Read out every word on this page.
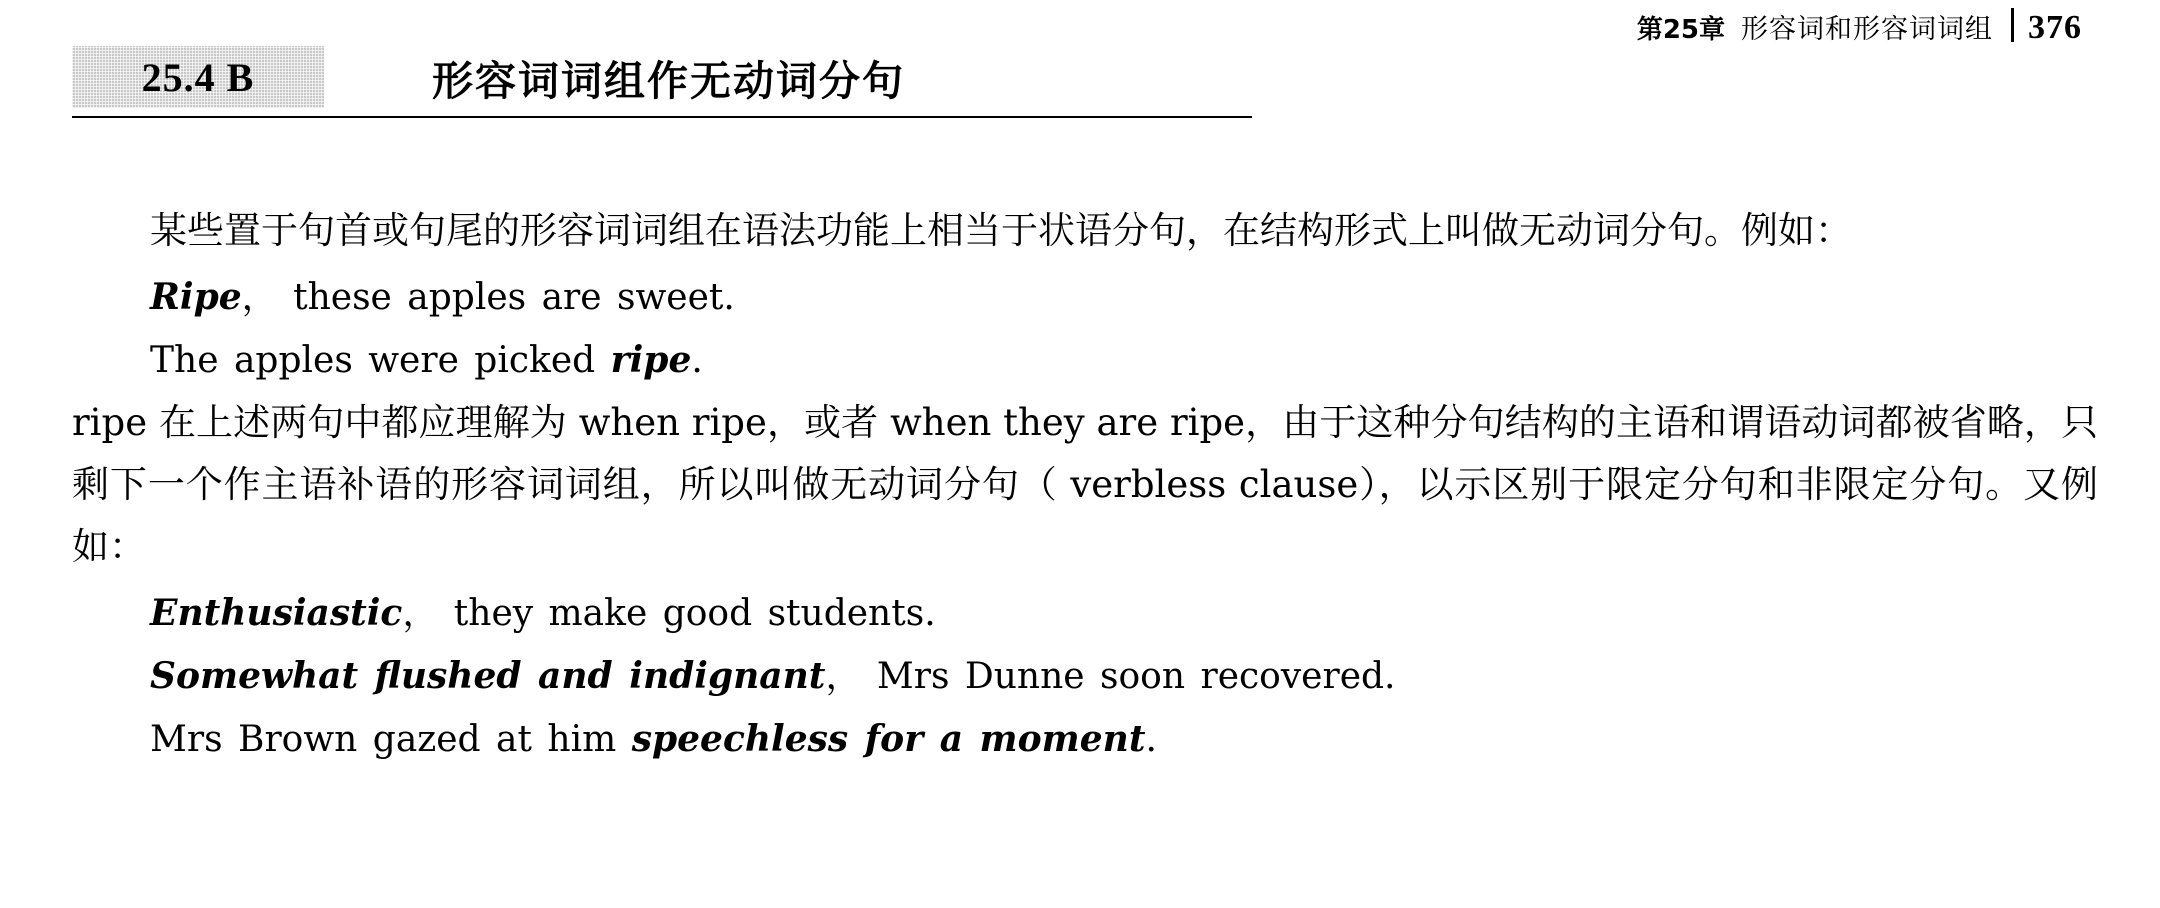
第25章 形容词和形容词词组 376
25.4 B	形容词词组作无动词分句

某些置于句首或句尾的形容词词组在语法功能上相当于状语分句，在结构形式上叫做无动词分句。例如：

Ripe， these apples are sweet.
The apples were picked ripe.

ripe 在上述两句中都应理解为 when ripe，或者 when they are ripe，由于这种分句结构的主语和谓语动词都被省略，只剩下一个作主语补语的形容词词组，所以叫做无动词分句（ verbless clause），以示区别于限定分句和非限定分句。又例如：

Enthusiastic， they make good students.
Somewhat flushed and indignant， Mrs Dunne soon recovered.
Mrs Brown gazed at him speechless for a moment.
